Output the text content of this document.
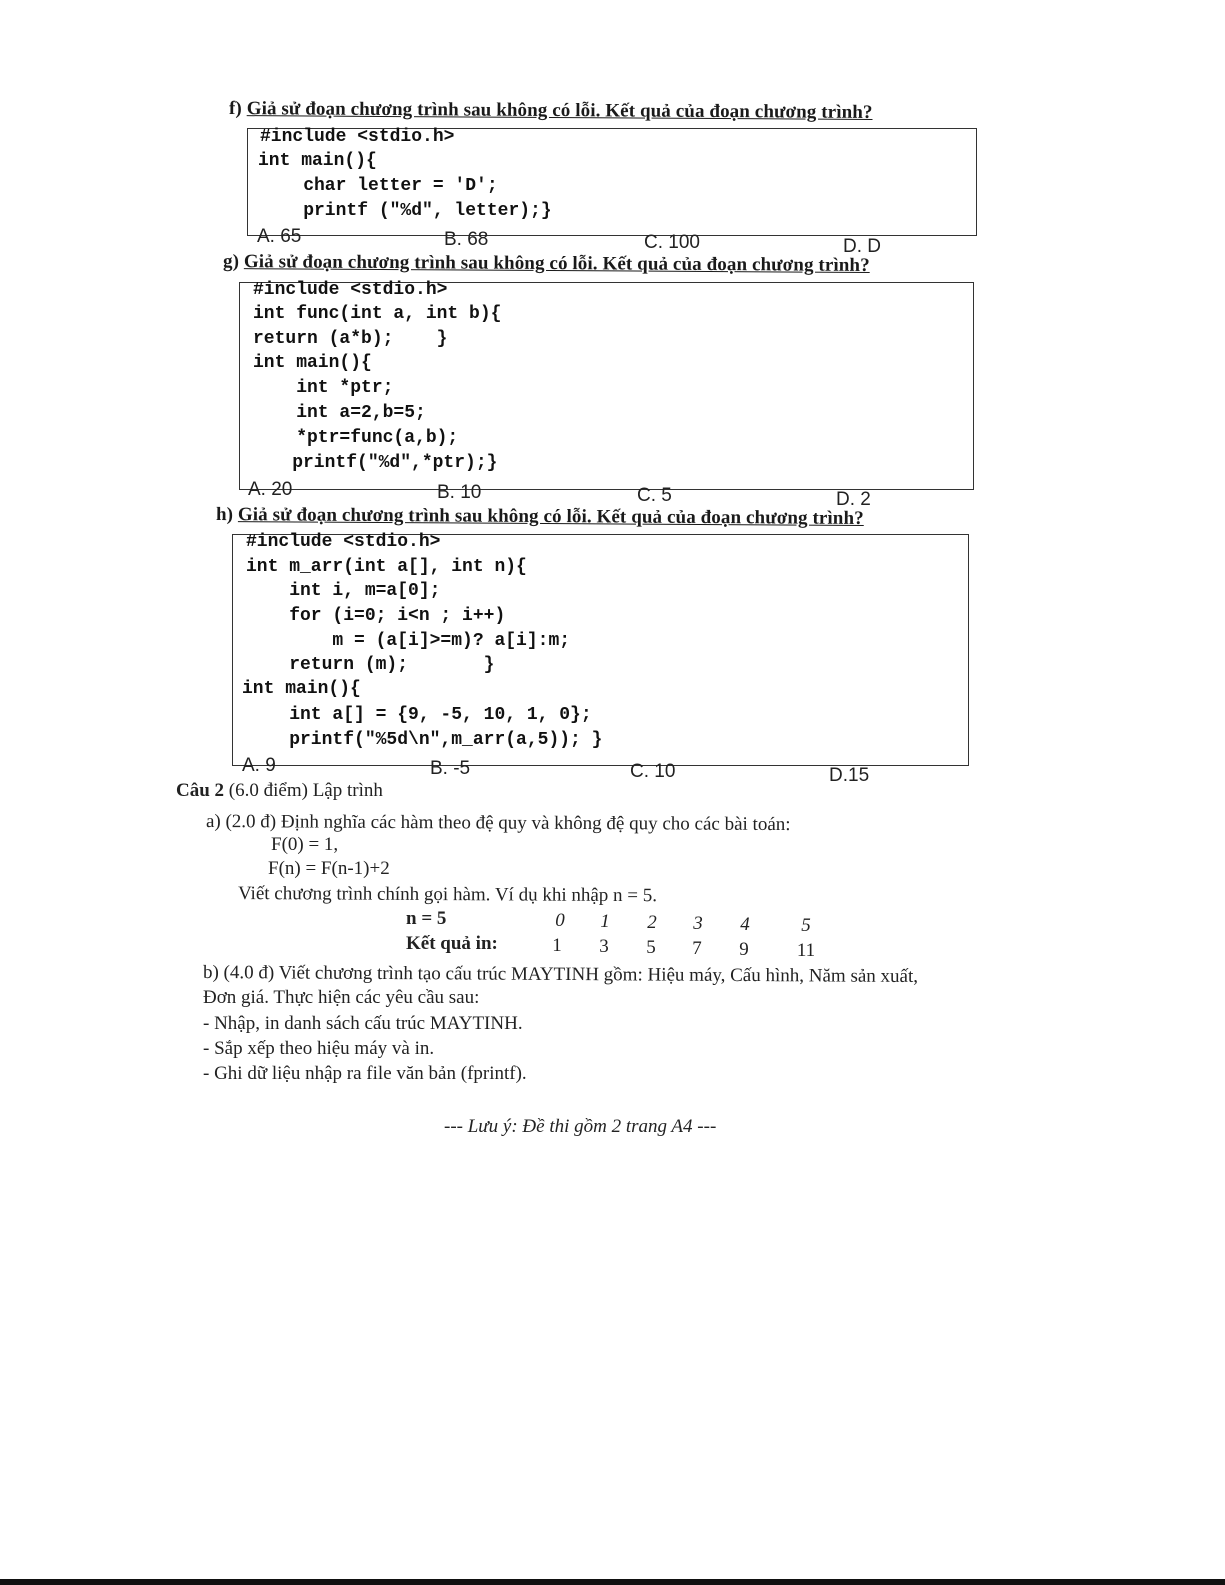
f) Giả sử đoạn chương trình sau không có lỗi. Kết quả của đoạn chương trình?
#include <stdio.h>
int main(){
char letter = 'D';
printf ("%d", letter);}
A. 65	B. 68	C. 100	D. D
g) Giả sử đoạn chương trình sau không có lỗi. Kết quả của đoạn chương trình?
#include <stdio.h>
int func(int a, int b){
return (a*b);    }
int main(){
int *ptr;
int a=2,b=5;
*ptr=func(a,b);
printf("%d",*ptr);}
A. 20	B. 10	C. 5	D. 2
h) Giả sử đoạn chương trình sau không có lỗi. Kết quả của đoạn chương trình?
#include <stdio.h>
int m_arr(int a[], int n){
int i, m=a[0];
for (i=0; i<n ; i++)
m = (a[i]>=m)? a[i]:m;
return (m);       }
int main(){
int a[] = {9, -5, 10, 1, 0};
printf("%5d\n",m_arr(a,5)); }
A. 9	B. -5	C. 10	D.15
Câu 2 (6.0 điểm) Lập trình
a) (2.0 đ) Định nghĩa các hàm theo đệ quy và không đệ quy cho các bài toán:
F(0) = 1,
F(n) = F(n-1)+2
Viết chương trình chính gọi hàm. Ví dụ khi nhập n = 5.
n = 5	0	1	2	3	4	5
Kết quả in:	1	3	5	7	9	11
b) (4.0 đ) Viết chương trình tạo cấu trúc MAYTINH gồm: Hiệu máy, Cấu hình, Năm sản xuất,
Đơn giá. Thực hiện các yêu cầu sau:
- Nhập, in danh sách cấu trúc MAYTINH.
- Sắp xếp theo hiệu máy và in.
- Ghi dữ liệu nhập ra file văn bản (fprintf).
--- Lưu ý: Đề thi gồm 2 trang A4 ---
